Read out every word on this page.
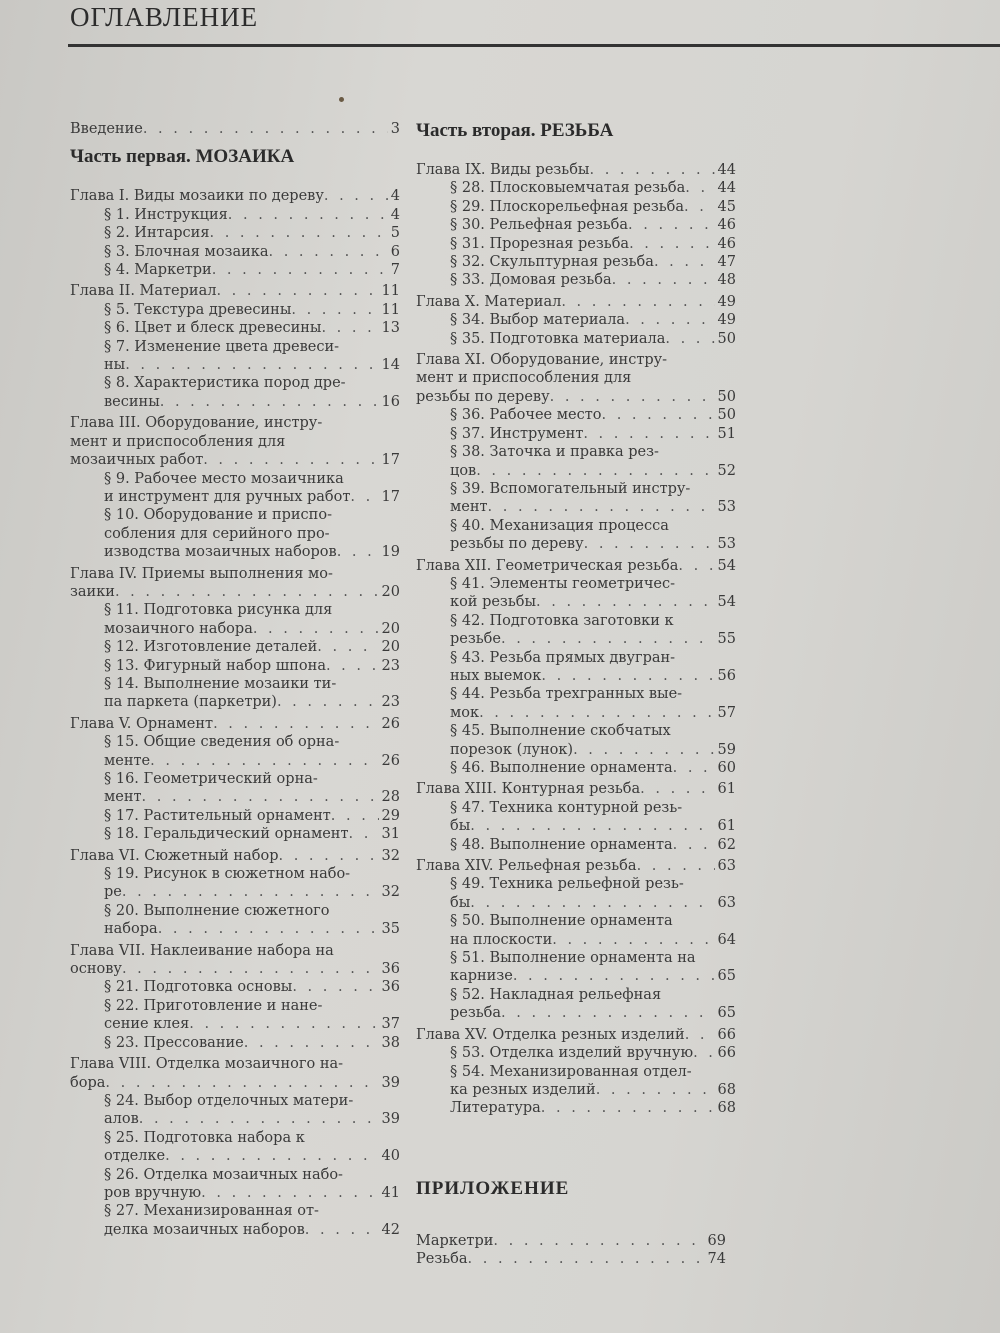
ОГЛАВЛЕНИЕ
Введение . . .	3
Часть первая. МОЗАИКА
Глава I. Виды мозаики по дереву . . .	4
§ 1. Инструкция . . .	4
§ 2. Интарсия . . .	5
§ 3. Блочная мозаика . . .	6
§ 4. Маркетри . . .	7
Глава II. Материал . . .	11
§ 5. Текстура древесины . . .	11
§ 6. Цвет и блеск древесины . . .	13
§ 7. Изменение цвета древеси-
ны . . .	14
§ 8. Характеристика пород дре-
весины . . .	16
Глава III. Оборудование, инстру-
мент и приспособления для
мозаичных работ . . .	17
§ 9. Рабочее место мозаичника
и инструмент для ручных работ . . . 17
§ 10. Оборудование и приспо-
собления для серийного про-
изводства мозаичных наборов . . .	19
Глава IV. Приемы выполнения мо-
заики . . .	20
§ 11. Подготовка рисунка для
мозаичного набора . . .	20
§ 12. Изготовление деталей . . .	20
§ 13. Фигурный набор шпона . . .	23
§ 14. Выполнение мозаики ти-
па паркета (паркетри) . . .	23
Глава V. Орнамент . . .	26
§ 15. Общие сведения об орна-
менте . . .	26
§ 16. Геометрический орна-
мент . . .	28
§ 17. Растительный орнамент . . .	29
§ 18. Геральдический орнамент . . . 31
Глава VI. Сюжетный набор . . .	32
§ 19. Рисунок в сюжетном набо-
ре . . .	32
§ 20. Выполнение сюжетного
набора . . .	35
Глава VII. Наклеивание набора на
основу . . .	36
§ 21. Подготовка основы . . .	36
§ 22. Приготовление и нане-
сение клея . . .	37
§ 23. Прессование . . .	38
Глава VIII. Отделка мозаичного на-
бора . . .	39
§ 24. Выбор отделочных матери-
алов . . .	39
§ 25. Подготовка набора к
отделке . . .	40
§ 26. Отделка мозаичных набо-
ров вручную . . .	41
§ 27. Механизированная от-
делка мозаичных наборов . . .	42
Часть вторая. РЕЗЬБА
Глава IX. Виды резьбы . . .	44
§ 28. Плосковыемчатая резьба . . . 44
§ 29. Плоскорельефная резьба . . . 45
§ 30. Рельефная резьба . . .	46
§ 31. Прорезная резьба . . .	46
§ 32. Скульптурная резьба . . .	47
§ 33. Домовая резьба . . .	48
Глава X. Материал . . .	49
§ 34. Выбор материала . . .	49
§ 35. Подготовка материала . . .	50
Глава XI. Оборудование, инстру-
мент и приспособления для
резьбы по дереву . . .	50
§ 36. Рабочее место . . .	50
§ 37. Инструмент . . .	51
§ 38. Заточка и правка рез-
цов . . .	52
§ 39. Вспомогательный инстру-
мент . . .	53
§ 40. Механизация процесса
резьбы по дереву . . .	53
Глава XII. Геометрическая резьба . . .	54
§ 41. Элементы геометричес-
кой резьбы . . .	54
§ 42. Подготовка заготовки к
резьбе . . .	55
§ 43. Резьба прямых двугран-
ных выемок . . .	56
§ 44. Резьба трехгранных вые-
мок . . .	57
§ 45. Выполнение скобчатых
порезок (лунок) . . .	59
§ 46. Выполнение орнамента . . .	60
Глава XIII. Контурная резьба . . .	61
§ 47. Техника контурной резь-
бы . . .	61
§ 48. Выполнение орнамента . . .	62
Глава XIV. Рельефная резьба . . .	63
§ 49. Техника рельефной резь-
бы . . .	63
§ 50. Выполнение орнамента
на плоскости . . .	64
§ 51. Выполнение орнамента на
карнизе . . .	65
§ 52. Накладная рельефная
резьба . . .	65
Глава XV. Отделка резных изделий . . . 66
§ 53. Отделка изделий вручную . . . 66
§ 54. Механизированная отдел-
ка резных изделий . . .	68
Литература . . .	68
ПРИЛОЖЕНИЕ
Маркетри . . .	69
Резьба . . .	74
